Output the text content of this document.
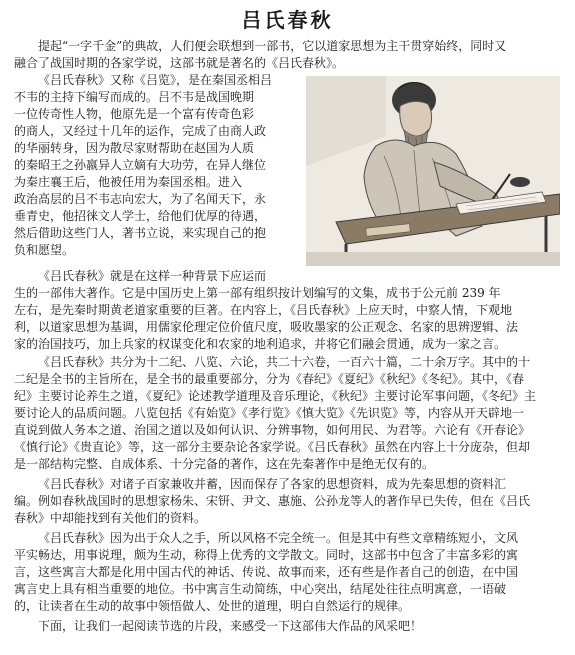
吕氏春秋
提起“一字千金”的典故，人们便会联想到一部书，它以道家思想为主干贯穿始终，同时又
融合了战国时期的各家学说，这部书就是著名的《吕氏春秋》。
《吕氏春秋》又称《吕览》，是在秦国丞相吕
不韦的主持下编写而成的。吕不韦是战国晚期
一位传奇性人物，他原先是一个富有传奇色彩
的商人，又经过十几年的运作，完成了由商人政
的华丽转身，因为散尽家财帮助在赵国为人质
的秦昭王之孙嬴异人立嫡有大功劳，在异人继位
为秦庄襄王后，他被任用为秦国丞相。进入
政治高层的吕不韦志向宏大，为了名闻天下，永
垂青史，他招徕文人学士，给他们优厚的待遇，
然后借助这些门人，著书立说，来实现自己的抱
负和愿望。
《吕氏春秋》就是在这样一种背景下应运而
生的一部伟大著作。它是中国历史上第一部有组织按计划编写的文集，成书于公元前 239 年
左右，是先秦时期黄老道家重要的巨著。在内容上，《吕氏春秋》上应天时，中察人情，下观地
利，以道家思想为基调，用儒家伦理定位价值尺度，吸收墨家的公正观念、名家的思辨逻辑、法
家的治国技巧，加上兵家的权谋变化和农家的地利追求，并将它们融会贯通，成为一家之言。
《吕氏春秋》共分为十二纪、八览、六论，共二十六卷，一百六十篇，二十余万字。其中的十
二纪是全书的主旨所在，是全书的最重要部分，分为《春纪》《夏纪》《秋纪》《冬纪》。其中，《春
纪》主要讨论养生之道，《夏纪》论述教学道理及音乐理论，《秋纪》主要讨论军事问题，《冬纪》主
要讨论人的品质问题。八览包括《有始览》《孝行览》《慎大览》《先识览》等，内容从开天辟地一
直说到做人务本之道、治国之道以及如何认识、分辨事物，如何用民、为君等。六论有《开春论》
《慎行论》《贵直论》等，这一部分主要杂论各家学说。《吕氏春秋》虽然在内容上十分庞杂，但却
是一部结构完整、自成体系、十分完备的著作，这在先秦著作中是绝无仅有的。
《吕氏春秋》对诸子百家兼收并蓄，因而保存了各家的思想资料，成为先秦思想的资料汇
编。例如春秋战国时的思想家杨朱、宋钘、尹文、惠施、公孙龙等人的著作早已失传，但在《吕氏
春秋》中却能找到有关他们的资料。
《吕氏春秋》因为出于众人之手，所以风格不完全统一。但是其中有些文章精练短小，文风
平实畅达，用事说理，颇为生动，称得上优秀的文学散文。同时，这部书中包含了丰富多彩的寓
言，这些寓言大都是化用中国古代的神话、传说、故事而来，还有些是作者自己的创造，在中国
寓言史上具有相当重要的地位。书中寓言生动简练，中心突出，结尾处往往点明寓意，一语破
的，让读者在生动的故事中领悟做人、处世的道理，明白自然运行的规律。
下面，让我们一起阅读节选的片段，来感受一下这部伟大作品的风采吧！
